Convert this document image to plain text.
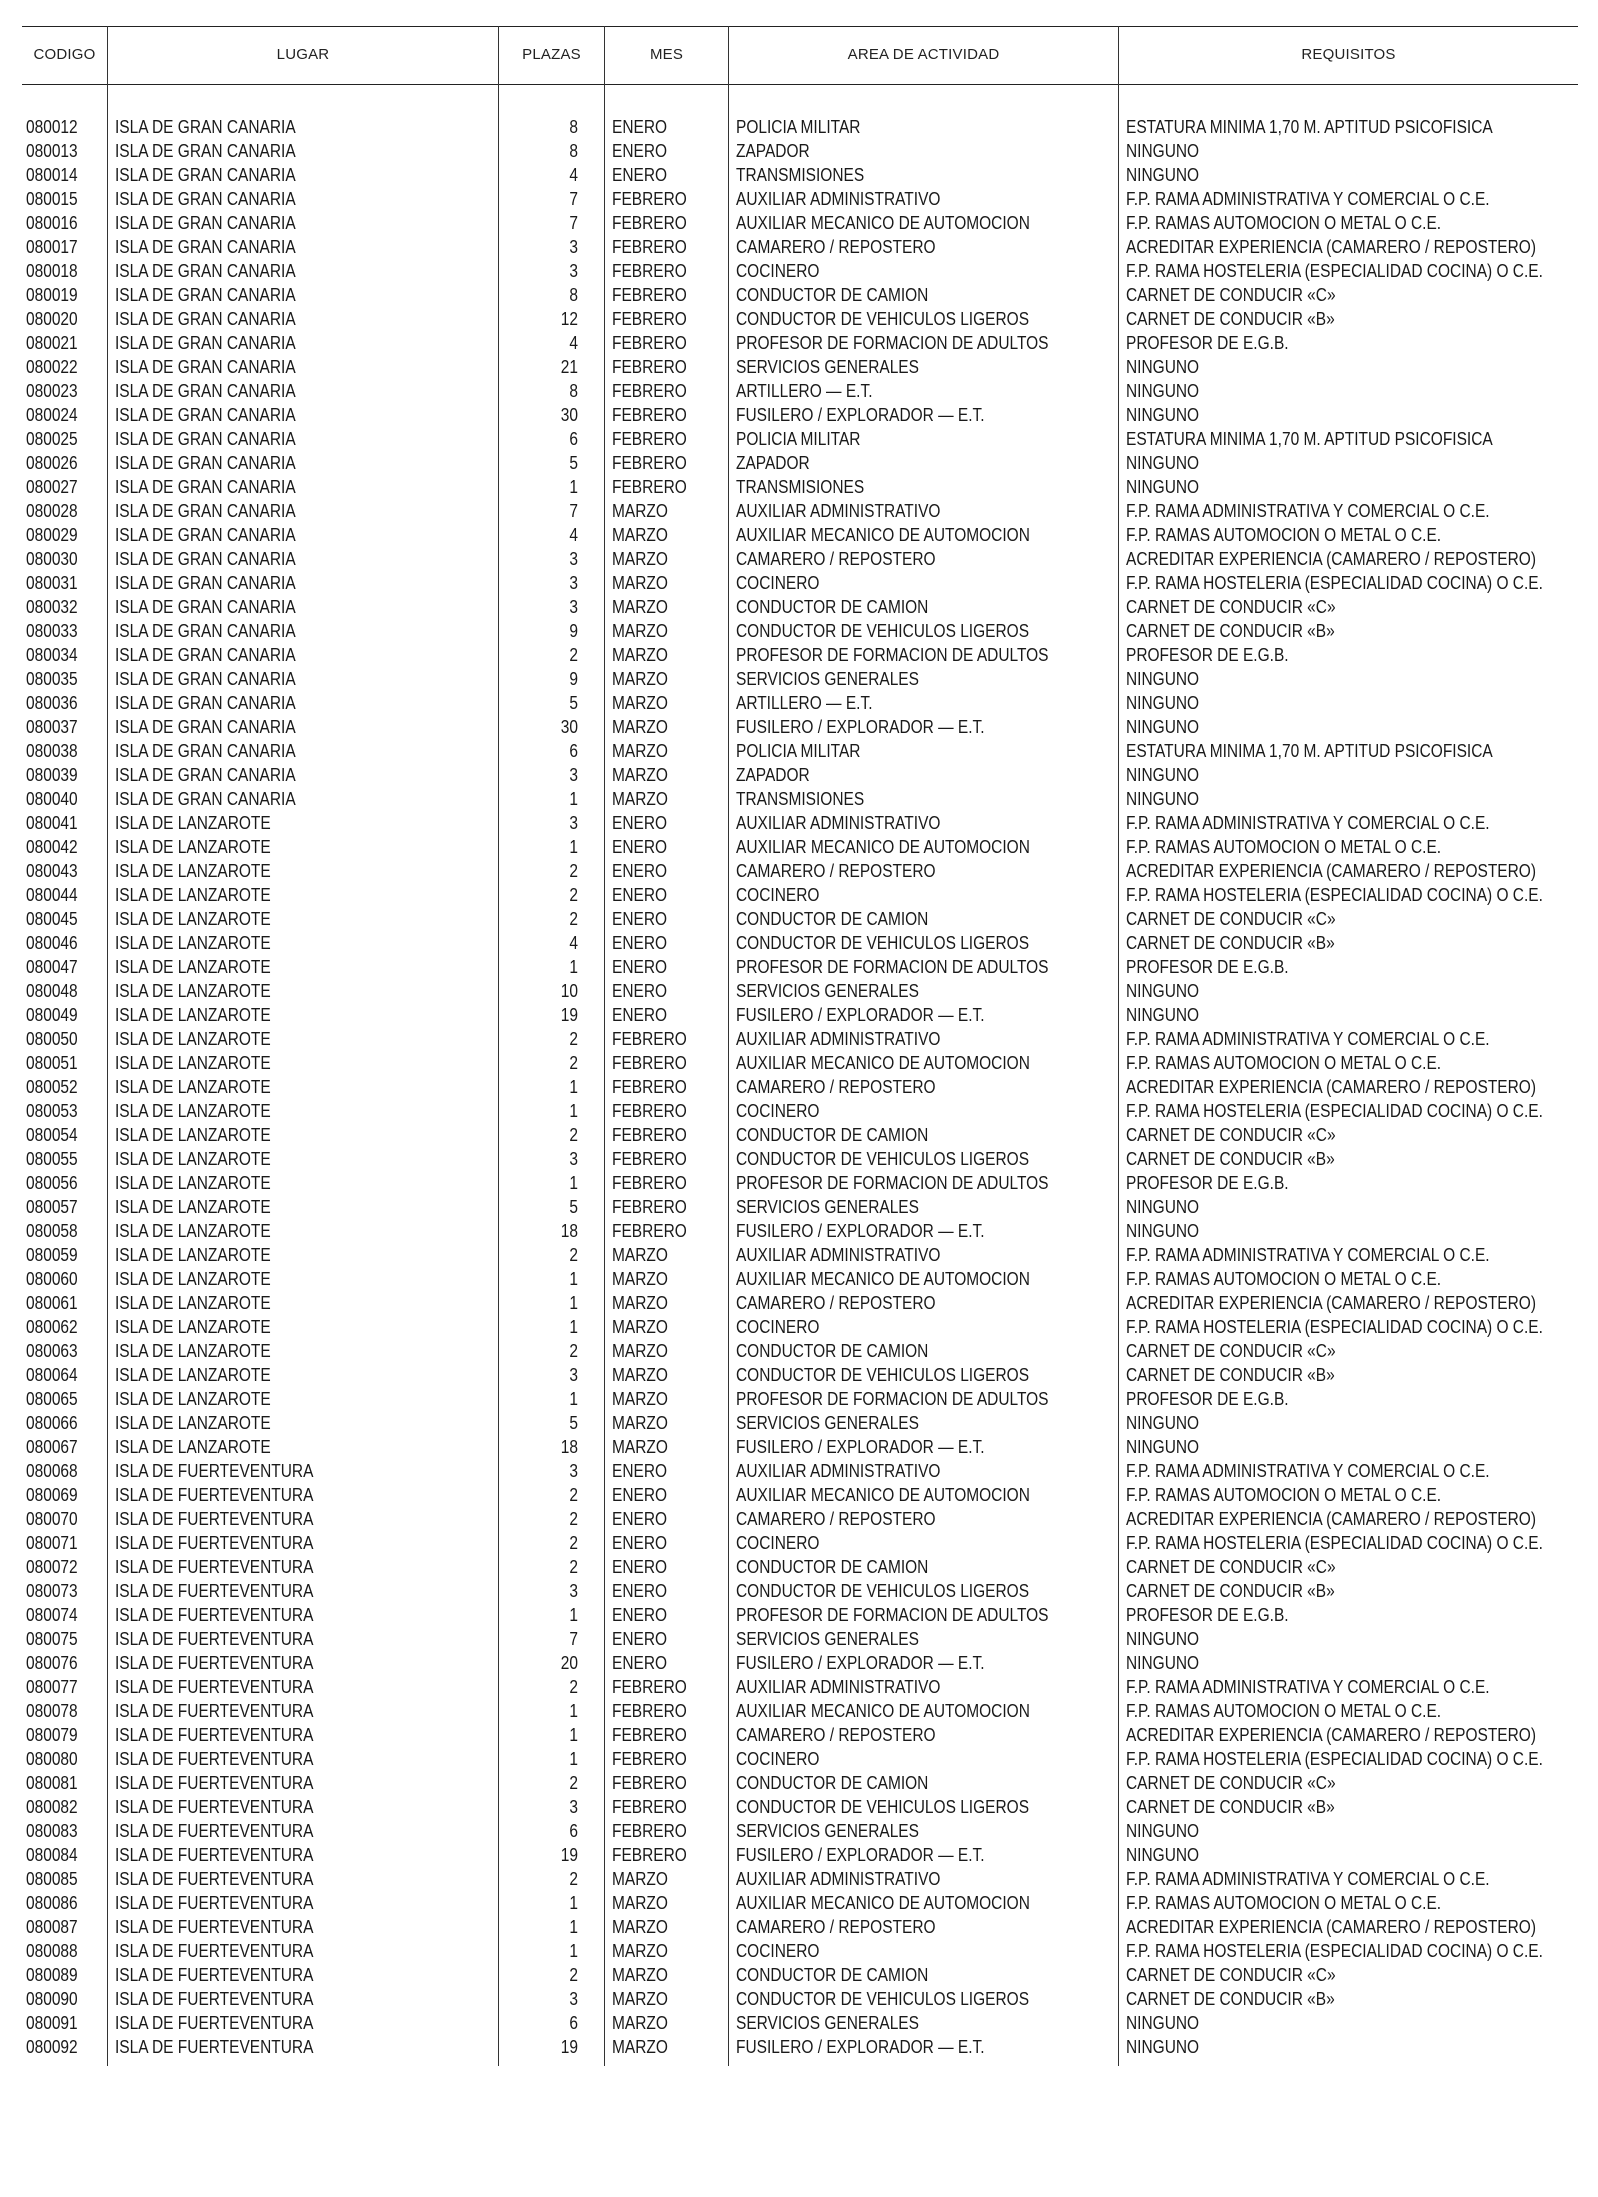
CODIGO	LUGAR	PLAZAS	MES	AREA DE ACTIVIDAD	REQUISITOS
080012 ISLA DE GRAN CANARIA	8 ENERO	POLICIA MILITAR	ESTATURA MINIMA 1,70 M. APTITUD PSICOFISICA
080013 ISLA DE GRAN CANARIA	8 ENERO	ZAPADOR	NINGUNO
080014 ISLA DE GRAN CANARIA	4 ENERO	TRANSMISIONES	NINGUNO
080015 ISLA DE GRAN CANARIA	7 FEBRERO	AUXILIAR ADMINISTRATIVO	F.P. RAMA ADMINISTRATIVA Y COMERCIAL O C.E.
080016 ISLA DE GRAN CANARIA	7 FEBRERO	AUXILIAR MECANICO DE AUTOMOCION	F.P. RAMAS AUTOMOCION O METAL O C.E.
080017 ISLA DE GRAN CANARIA	3 FEBRERO	CAMARERO / REPOSTERO	ACREDITAR EXPERIENCIA (CAMARERO / REPOSTERO)
080018 ISLA DE GRAN CANARIA	3 FEBRERO	COCINERO	F.P. RAMA HOSTELERIA (ESPECIALIDAD COCINA) O C.E.
080019 ISLA DE GRAN CANARIA	8 FEBRERO	CONDUCTOR DE CAMION	CARNET DE CONDUCIR «C»
080020 ISLA DE GRAN CANARIA	12 FEBRERO	CONDUCTOR DE VEHICULOS LIGEROS	CARNET DE CONDUCIR «B»
080021 ISLA DE GRAN CANARIA	4 FEBRERO	PROFESOR DE FORMACION DE ADULTOS	PROFESOR DE E.G.B.
080022 ISLA DE GRAN CANARIA	21 FEBRERO	SERVICIOS GENERALES	NINGUNO
080023 ISLA DE GRAN CANARIA	8 FEBRERO	ARTILLERO — E.T.	NINGUNO
080024 ISLA DE GRAN CANARIA	30 FEBRERO	FUSILERO / EXPLORADOR — E.T.	NINGUNO
080025 ISLA DE GRAN CANARIA	6 FEBRERO	POLICIA MILITAR	ESTATURA MINIMA 1,70 M. APTITUD PSICOFISICA
080026 ISLA DE GRAN CANARIA	5 FEBRERO	ZAPADOR	NINGUNO
080027 ISLA DE GRAN CANARIA	1 FEBRERO	TRANSMISIONES	NINGUNO
080028 ISLA DE GRAN CANARIA	7 MARZO	AUXILIAR ADMINISTRATIVO	F.P. RAMA ADMINISTRATIVA Y COMERCIAL O C.E.
080029 ISLA DE GRAN CANARIA	4 MARZO	AUXILIAR MECANICO DE AUTOMOCION	F.P. RAMAS AUTOMOCION O METAL O C.E.
080030 ISLA DE GRAN CANARIA	3 MARZO	CAMARERO / REPOSTERO	ACREDITAR EXPERIENCIA (CAMARERO / REPOSTERO)
080031 ISLA DE GRAN CANARIA	3 MARZO	COCINERO	F.P. RAMA HOSTELERIA (ESPECIALIDAD COCINA) O C.E.
080032 ISLA DE GRAN CANARIA	3 MARZO	CONDUCTOR DE CAMION	CARNET DE CONDUCIR «C»
080033 ISLA DE GRAN CANARIA	9 MARZO	CONDUCTOR DE VEHICULOS LIGEROS	CARNET DE CONDUCIR «B»
080034 ISLA DE GRAN CANARIA	2 MARZO	PROFESOR DE FORMACION DE ADULTOS	PROFESOR DE E.G.B.
080035 ISLA DE GRAN CANARIA	9 MARZO	SERVICIOS GENERALES	NINGUNO
080036 ISLA DE GRAN CANARIA	5 MARZO	ARTILLERO — E.T.	NINGUNO
080037 ISLA DE GRAN CANARIA	30 MARZO	FUSILERO / EXPLORADOR — E.T.	NINGUNO
080038 ISLA DE GRAN CANARIA	6 MARZO	POLICIA MILITAR	ESTATURA MINIMA 1,70 M. APTITUD PSICOFISICA
080039 ISLA DE GRAN CANARIA	3 MARZO	ZAPADOR	NINGUNO
080040 ISLA DE GRAN CANARIA	1 MARZO	TRANSMISIONES	NINGUNO
080041 ISLA DE LANZAROTE	3 ENERO	AUXILIAR ADMINISTRATIVO	F.P. RAMA ADMINISTRATIVA Y COMERCIAL O C.E.
080042 ISLA DE LANZAROTE	1 ENERO	AUXILIAR MECANICO DE AUTOMOCION	F.P. RAMAS AUTOMOCION O METAL O C.E.
080043 ISLA DE LANZAROTE	2 ENERO	CAMARERO / REPOSTERO	ACREDITAR EXPERIENCIA (CAMARERO / REPOSTERO)
080044 ISLA DE LANZAROTE	2 ENERO	COCINERO	F.P. RAMA HOSTELERIA (ESPECIALIDAD COCINA) O C.E.
080045 ISLA DE LANZAROTE	2 ENERO	CONDUCTOR DE CAMION	CARNET DE CONDUCIR «C»
080046 ISLA DE LANZAROTE	4 ENERO	CONDUCTOR DE VEHICULOS LIGEROS	CARNET DE CONDUCIR «B»
080047 ISLA DE LANZAROTE	1 ENERO	PROFESOR DE FORMACION DE ADULTOS	PROFESOR DE E.G.B.
080048 ISLA DE LANZAROTE	10 ENERO	SERVICIOS GENERALES	NINGUNO
080049 ISLA DE LANZAROTE	19 ENERO	FUSILERO / EXPLORADOR — E.T.	NINGUNO
080050 ISLA DE LANZAROTE	2 FEBRERO	AUXILIAR ADMINISTRATIVO	F.P. RAMA ADMINISTRATIVA Y COMERCIAL O C.E.
080051 ISLA DE LANZAROTE	2 FEBRERO	AUXILIAR MECANICO DE AUTOMOCION	F.P. RAMAS AUTOMOCION O METAL O C.E.
080052 ISLA DE LANZAROTE	1 FEBRERO	CAMARERO / REPOSTERO	ACREDITAR EXPERIENCIA (CAMARERO / REPOSTERO)
080053 ISLA DE LANZAROTE	1 FEBRERO	COCINERO	F.P. RAMA HOSTELERIA (ESPECIALIDAD COCINA) O C.E.
080054 ISLA DE LANZAROTE	2 FEBRERO	CONDUCTOR DE CAMION	CARNET DE CONDUCIR «C»
080055 ISLA DE LANZAROTE	3 FEBRERO	CONDUCTOR DE VEHICULOS LIGEROS	CARNET DE CONDUCIR «B»
080056 ISLA DE LANZAROTE	1 FEBRERO	PROFESOR DE FORMACION DE ADULTOS	PROFESOR DE E.G.B.
080057 ISLA DE LANZAROTE	5 FEBRERO	SERVICIOS GENERALES	NINGUNO
080058 ISLA DE LANZAROTE	18 FEBRERO	FUSILERO / EXPLORADOR — E.T.	NINGUNO
080059 ISLA DE LANZAROTE	2 MARZO	AUXILIAR ADMINISTRATIVO	F.P. RAMA ADMINISTRATIVA Y COMERCIAL O C.E.
080060 ISLA DE LANZAROTE	1 MARZO	AUXILIAR MECANICO DE AUTOMOCION	F.P. RAMAS AUTOMOCION O METAL O C.E.
080061 ISLA DE LANZAROTE	1 MARZO	CAMARERO / REPOSTERO	ACREDITAR EXPERIENCIA (CAMARERO / REPOSTERO)
080062 ISLA DE LANZAROTE	1 MARZO	COCINERO	F.P. RAMA HOSTELERIA (ESPECIALIDAD COCINA) O C.E.
080063 ISLA DE LANZAROTE	2 MARZO	CONDUCTOR DE CAMION	CARNET DE CONDUCIR «C»
080064 ISLA DE LANZAROTE	3 MARZO	CONDUCTOR DE VEHICULOS LIGEROS	CARNET DE CONDUCIR «B»
080065 ISLA DE LANZAROTE	1 MARZO	PROFESOR DE FORMACION DE ADULTOS	PROFESOR DE E.G.B.
080066 ISLA DE LANZAROTE	5 MARZO	SERVICIOS GENERALES	NINGUNO
080067 ISLA DE LANZAROTE	18 MARZO	FUSILERO / EXPLORADOR — E.T.	NINGUNO
080068 ISLA DE FUERTEVENTURA	3 ENERO	AUXILIAR ADMINISTRATIVO	F.P. RAMA ADMINISTRATIVA Y COMERCIAL O C.E.
080069 ISLA DE FUERTEVENTURA	2 ENERO	AUXILIAR MECANICO DE AUTOMOCION	F.P. RAMAS AUTOMOCION O METAL O C.E.
080070 ISLA DE FUERTEVENTURA	2 ENERO	CAMARERO / REPOSTERO	ACREDITAR EXPERIENCIA (CAMARERO / REPOSTERO)
080071 ISLA DE FUERTEVENTURA	2 ENERO	COCINERO	F.P. RAMA HOSTELERIA (ESPECIALIDAD COCINA) O C.E.
080072 ISLA DE FUERTEVENTURA	2 ENERO	CONDUCTOR DE CAMION	CARNET DE CONDUCIR «C»
080073 ISLA DE FUERTEVENTURA	3 ENERO	CONDUCTOR DE VEHICULOS LIGEROS	CARNET DE CONDUCIR «B»
080074 ISLA DE FUERTEVENTURA	1 ENERO	PROFESOR DE FORMACION DE ADULTOS	PROFESOR DE E.G.B.
080075 ISLA DE FUERTEVENTURA	7 ENERO	SERVICIOS GENERALES	NINGUNO
080076 ISLA DE FUERTEVENTURA	20 ENERO	FUSILERO / EXPLORADOR — E.T.	NINGUNO
080077 ISLA DE FUERTEVENTURA	2 FEBRERO	AUXILIAR ADMINISTRATIVO	F.P. RAMA ADMINISTRATIVA Y COMERCIAL O C.E.
080078 ISLA DE FUERTEVENTURA	1 FEBRERO	AUXILIAR MECANICO DE AUTOMOCION	F.P. RAMAS AUTOMOCION O METAL O C.E.
080079 ISLA DE FUERTEVENTURA	1 FEBRERO	CAMARERO / REPOSTERO	ACREDITAR EXPERIENCIA (CAMARERO / REPOSTERO)
080080 ISLA DE FUERTEVENTURA	1 FEBRERO	COCINERO	F.P. RAMA HOSTELERIA (ESPECIALIDAD COCINA) O C.E.
080081 ISLA DE FUERTEVENTURA	2 FEBRERO	CONDUCTOR DE CAMION	CARNET DE CONDUCIR «C»
080082 ISLA DE FUERTEVENTURA	3 FEBRERO	CONDUCTOR DE VEHICULOS LIGEROS	CARNET DE CONDUCIR «B»
080083 ISLA DE FUERTEVENTURA	6 FEBRERO	SERVICIOS GENERALES	NINGUNO
080084 ISLA DE FUERTEVENTURA	19 FEBRERO	FUSILERO / EXPLORADOR — E.T.	NINGUNO
080085 ISLA DE FUERTEVENTURA	2 MARZO	AUXILIAR ADMINISTRATIVO	F.P. RAMA ADMINISTRATIVA Y COMERCIAL O C.E.
080086 ISLA DE FUERTEVENTURA	1 MARZO	AUXILIAR MECANICO DE AUTOMOCION	F.P. RAMAS AUTOMOCION O METAL O C.E.
080087 ISLA DE FUERTEVENTURA	1 MARZO	CAMARERO / REPOSTERO	ACREDITAR EXPERIENCIA (CAMARERO / REPOSTERO)
080088 ISLA DE FUERTEVENTURA	1 MARZO	COCINERO	F.P. RAMA HOSTELERIA (ESPECIALIDAD COCINA) O C.E.
080089 ISLA DE FUERTEVENTURA	2 MARZO	CONDUCTOR DE CAMION	CARNET DE CONDUCIR «C»
080090 ISLA DE FUERTEVENTURA	3 MARZO	CONDUCTOR DE VEHICULOS LIGEROS	CARNET DE CONDUCIR «B»
080091 ISLA DE FUERTEVENTURA	6 MARZO	SERVICIOS GENERALES	NINGUNO
080092 ISLA DE FUERTEVENTURA	19 MARZO	FUSILERO / EXPLORADOR — E.T.	NINGUNO
